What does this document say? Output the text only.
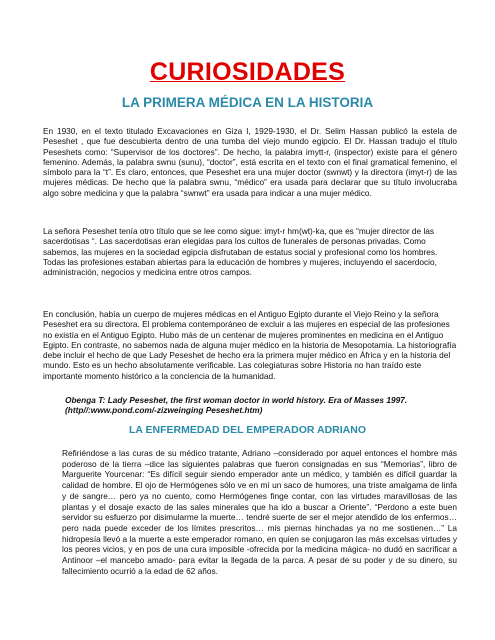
CURIOSIDADES
LA PRIMERA MÉDICA EN LA HISTORIA

En 1930, en el texto titulado Excavaciones en Giza I, 1929-1930, el Dr. Selim Hassan publicó la estela de Peseshet , que fue descubierta dentro de una tumba del viejo mundo egipcio. El Dr. Hassan tradujo el título Peseshets como: “Supervisor de los doctores”. De hecho, la palabra imytt-r, (inspector) existe para el género femenino. Además, la palabra swnu (sunu), “doctor”, está escrita en el texto con el final gramatical femenino, el símbolo para la “t”. Es claro, entonces, que Peseshet era una mujer doctor (swnwt) y la directora (imyt-r) de las mujeres médicas. De hecho que la palabra swnu, “médico” era usada para declarar que su título involucraba algo sobre medicina y que la palabra “swnwt” era usada para indicar a una mujer médico.

La señora Peseshet tenía otro título que se lee como sigue: imyt-r hm(wt)-ka, que es “mujer director de las sacerdotisas “. Las sacerdotisas eran elegidas para los cultos de funerales de personas privadas. Como sabemos, las mujeres en la sociedad egipcia disfrutaban de estatus social y profesional como los hombres. Todas las profesiones estaban abiertas para la educación de hombres y mujeres, incluyendo el sacerdocio, administración, negocios y medicina entre otros campos.

En conclusión, había un cuerpo de mujeres médicas en el Antiguo Egipto durante el Viejo Reino y la señora Peseshet era su directora. El problema contemporáneo de excluir a las mujeres en especial de las profesiones no existía en el Antiguo Egipto. Hubo más de un centenar de mujeres prominentes en medicina en el Antiguo Egipto. En contraste, no sabemos nada de alguna mujer médico en la historia de Mesopotamia. La historiografía debe incluir el hecho de que Lady Peseshet de hecho era la primera mujer médico en África y en la historia del mundo. Esto es un hecho absolutamente verificable. Las colegiaturas sobre Historia no han traído este importante momento histórico a la conciencia de la humanidad.

Obenga T: Lady Peseshet, the first woman doctor in world history. Era of Masses 1997. (http//:www.pond.com/-zizweinging Peseshet.htm)
LA ENFERMEDAD DEL EMPERADOR ADRIANO

Refiriéndose a las curas de su médico tratante, Adriano –considerado por aquel entonces el hombre más poderoso de la tierra –dice las siguientes palabras que fueron consignadas en sus “Memorias”, libro de Marguerite Yourcenar: “Es difícil seguir siendo emperador ante un médico, y también es difícil guardar la calidad de hombre. El ojo de Hermógenes sólo ve en mí un saco de humores, una triste amalgama de linfa y de sangre… pero ya no cuento, como Hermógenes finge contar, con las virtudes maravillosas de las plantas y el dosaje exacto de las sales minerales que ha ido a buscar a Oriente”. “Perdono a este buen servidor su esfuerzo por disimularme la muerte… tendré suerte de ser el mejor atendido de los enfermos… pero nada puede exceder de los límites prescritos… mis piernas hinchadas ya no me sostienen…” La hidropesía llevó a la muerte a este emperador romano, en quien se conjugaron las más excelsas virtudes y los peores vicios, y en pos de una cura imposible -ofrecida por la medicina mágica- no dudó en sacrificar a Antinoor –el mancebo amado- para evitar la llegada de la parca. A pesar de su poder y de su dinero, su fallecimiento ocurrió a la edad de 62 años.
